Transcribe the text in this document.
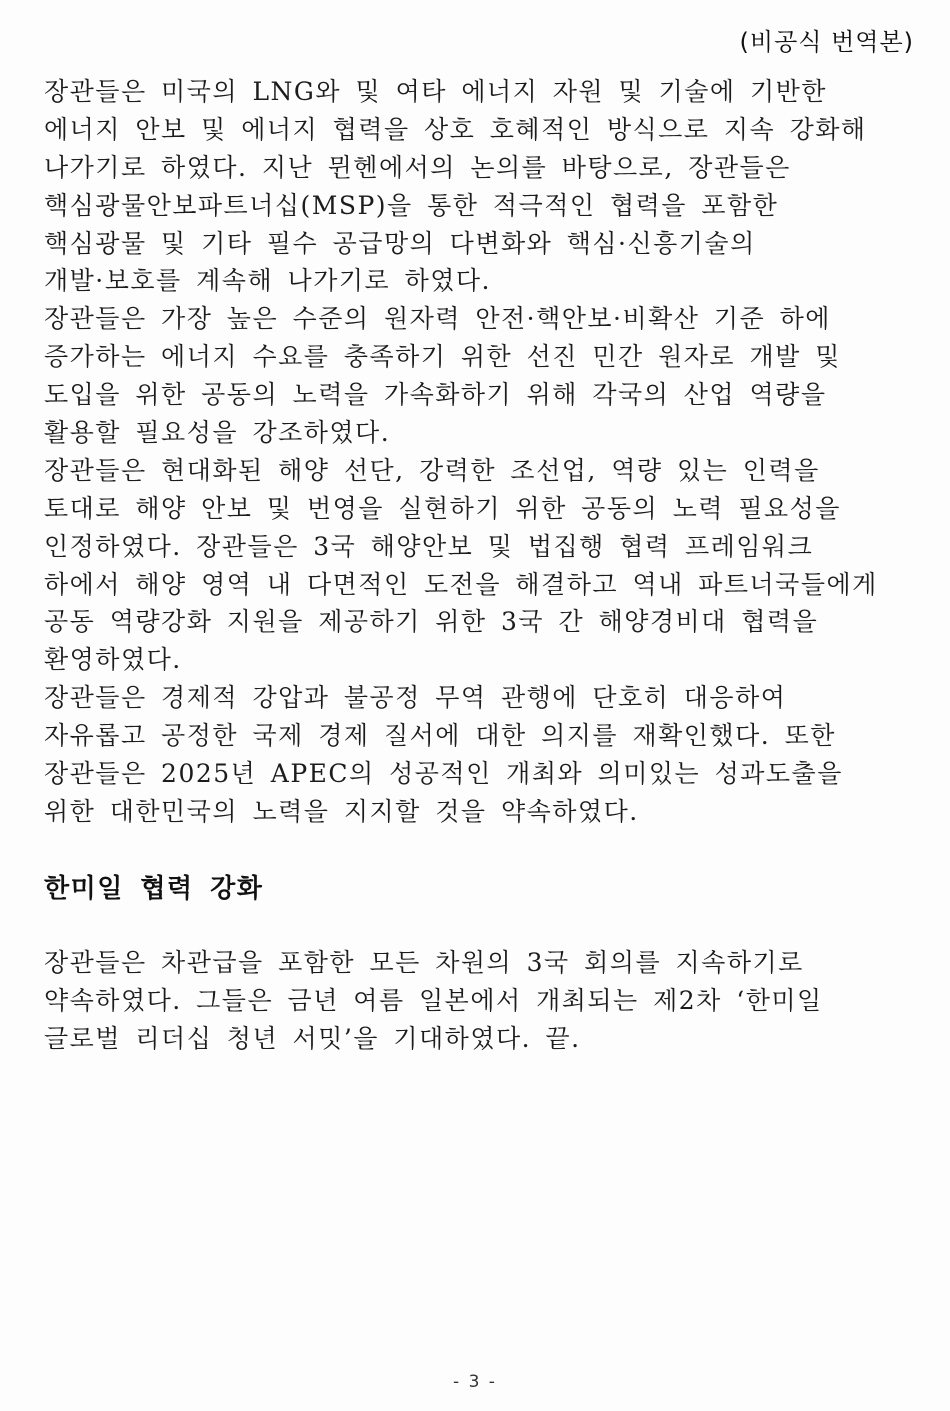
(비공식 번역본)
장관들은 미국의 LNG와 및 여타 에너지 자원 및 기술에 기반한
에너지 안보 및 에너지 협력을 상호 호혜적인 방식으로 지속 강화해
나가기로 하였다. 지난 뮌헨에서의 논의를 바탕으로, 장관들은
핵심광물안보파트너십(MSP)을 통한 적극적인 협력을 포함한
핵심광물 및 기타 필수 공급망의 다변화와 핵심·신흥기술의
개발·보호를 계속해 나가기로 하였다.
장관들은 가장 높은 수준의 원자력 안전·핵안보·비확산 기준 하에
증가하는 에너지 수요를 충족하기 위한 선진 민간 원자로 개발 및
도입을 위한 공동의 노력을 가속화하기 위해 각국의 산업 역량을
활용할 필요성을 강조하였다.
장관들은 현대화된 해양 선단, 강력한 조선업, 역량 있는 인력을
토대로 해양 안보 및 번영을 실현하기 위한 공동의 노력 필요성을
인정하였다. 장관들은 3국 해양안보 및 법집행 협력 프레임워크
하에서 해양 영역 내 다면적인 도전을 해결하고 역내 파트너국들에게
공동 역량강화 지원을 제공하기 위한 3국 간 해양경비대 협력을
환영하였다.
장관들은 경제적 강압과 불공정 무역 관행에 단호히 대응하여
자유롭고 공정한 국제 경제 질서에 대한 의지를 재확인했다. 또한
장관들은 2025년 APEC의 성공적인 개최와 의미있는 성과도출을
위한 대한민국의 노력을 지지할 것을 약속하였다.
한미일 협력 강화
장관들은 차관급을 포함한 모든 차원의 3국 회의를 지속하기로
약속하였다. 그들은 금년 여름 일본에서 개최되는 제2차 ‘한미일
글로벌 리더십 청년 서밋’을 기대하였다. 끝.
- 3 -
